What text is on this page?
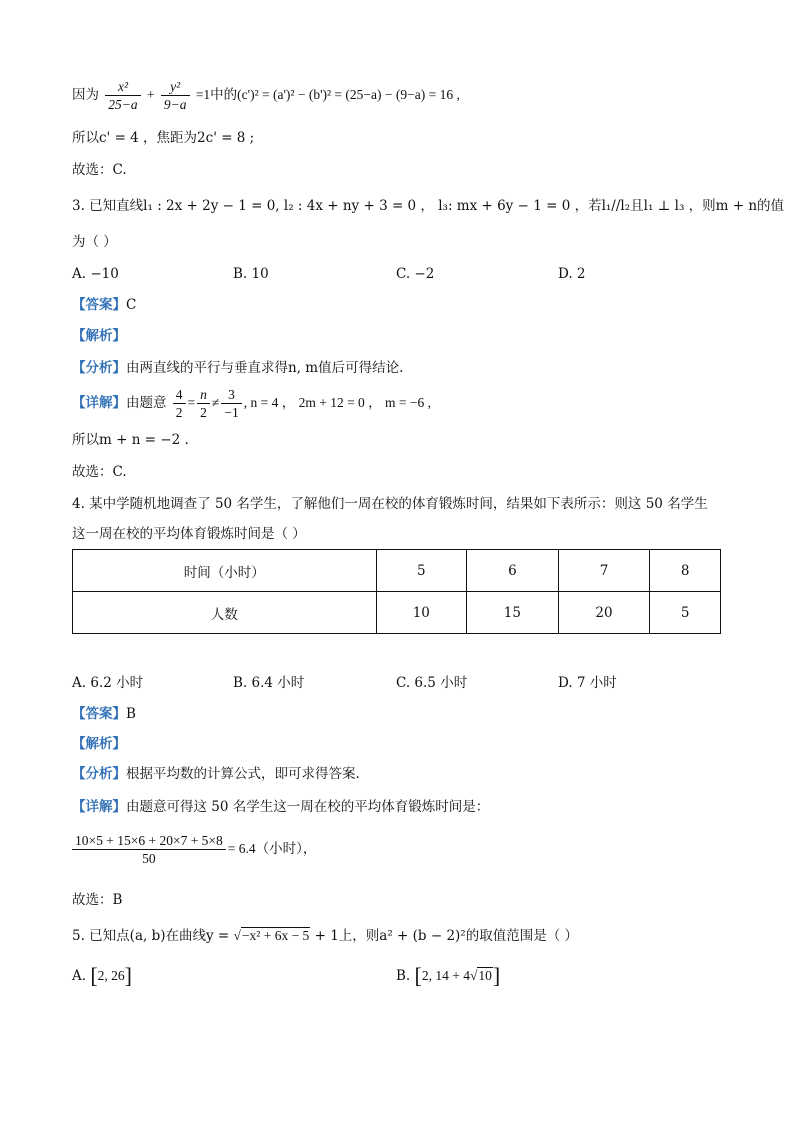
因为 $\frac{\text{x²}}{25-a} + \frac{\text{y²}}{9-a} =1$中的(c')² = (a')² − (b')² = (25−a) − (9−a) = 16 ,
所以c' = 4 ，焦距为2c' = 8 ;
故选：C.
3. 已知直线l₁ : 2x + 2y − 1 = 0, l₂ : 4x + ny + 3 = 0 ， l₃: mx + 6y − 1 = 0 ，若l₁//l₂且l₁ ⊥ l₃ ，则m + n的值
为（ ）
A. −10	B. 10	C. −2	D. 2
【答案】C
【解析】
【分析】由两直线的平行与垂直求得n, m值后可得结论.
【详解】由题意 $\frac{4}{2} = \frac{n}{2} \ne \frac{3}{-1}$ , n = 4 ， 2m + 12 = 0 ， m = −6 ,
所以m + n = −2 .
故选：C.
4. 某中学随机地调查了 50 名学生，了解他们一周在校的体育锻炼时间，结果如下表所示：则这 50 名学生
这一周在校的平均体育锻炼时间是（ ）
时间（小时）	5	6	7	8
人数	10	15	20	5
A. 6.2 小时	B. 6.4 小时	C. 6.5 小时	D. 7 小时
【答案】B
【解析】
【分析】根据平均数的计算公式，即可求得答案.
【详解】由题意可得这 50 名学生这一周在校的平均体育锻炼时间是：
$\frac{10\times 5 + 15\times 6 + 20\times 7 + 5\times 8}{50} = 6.4$（小时），
故选：B
5. 已知点(a, b)在曲线y = √−x² + 6x − 5 + 1上，则a² + (b − 2)²的取值范围是（ ）
A. [2, 26]	B. [2, 14 + 4√10]
